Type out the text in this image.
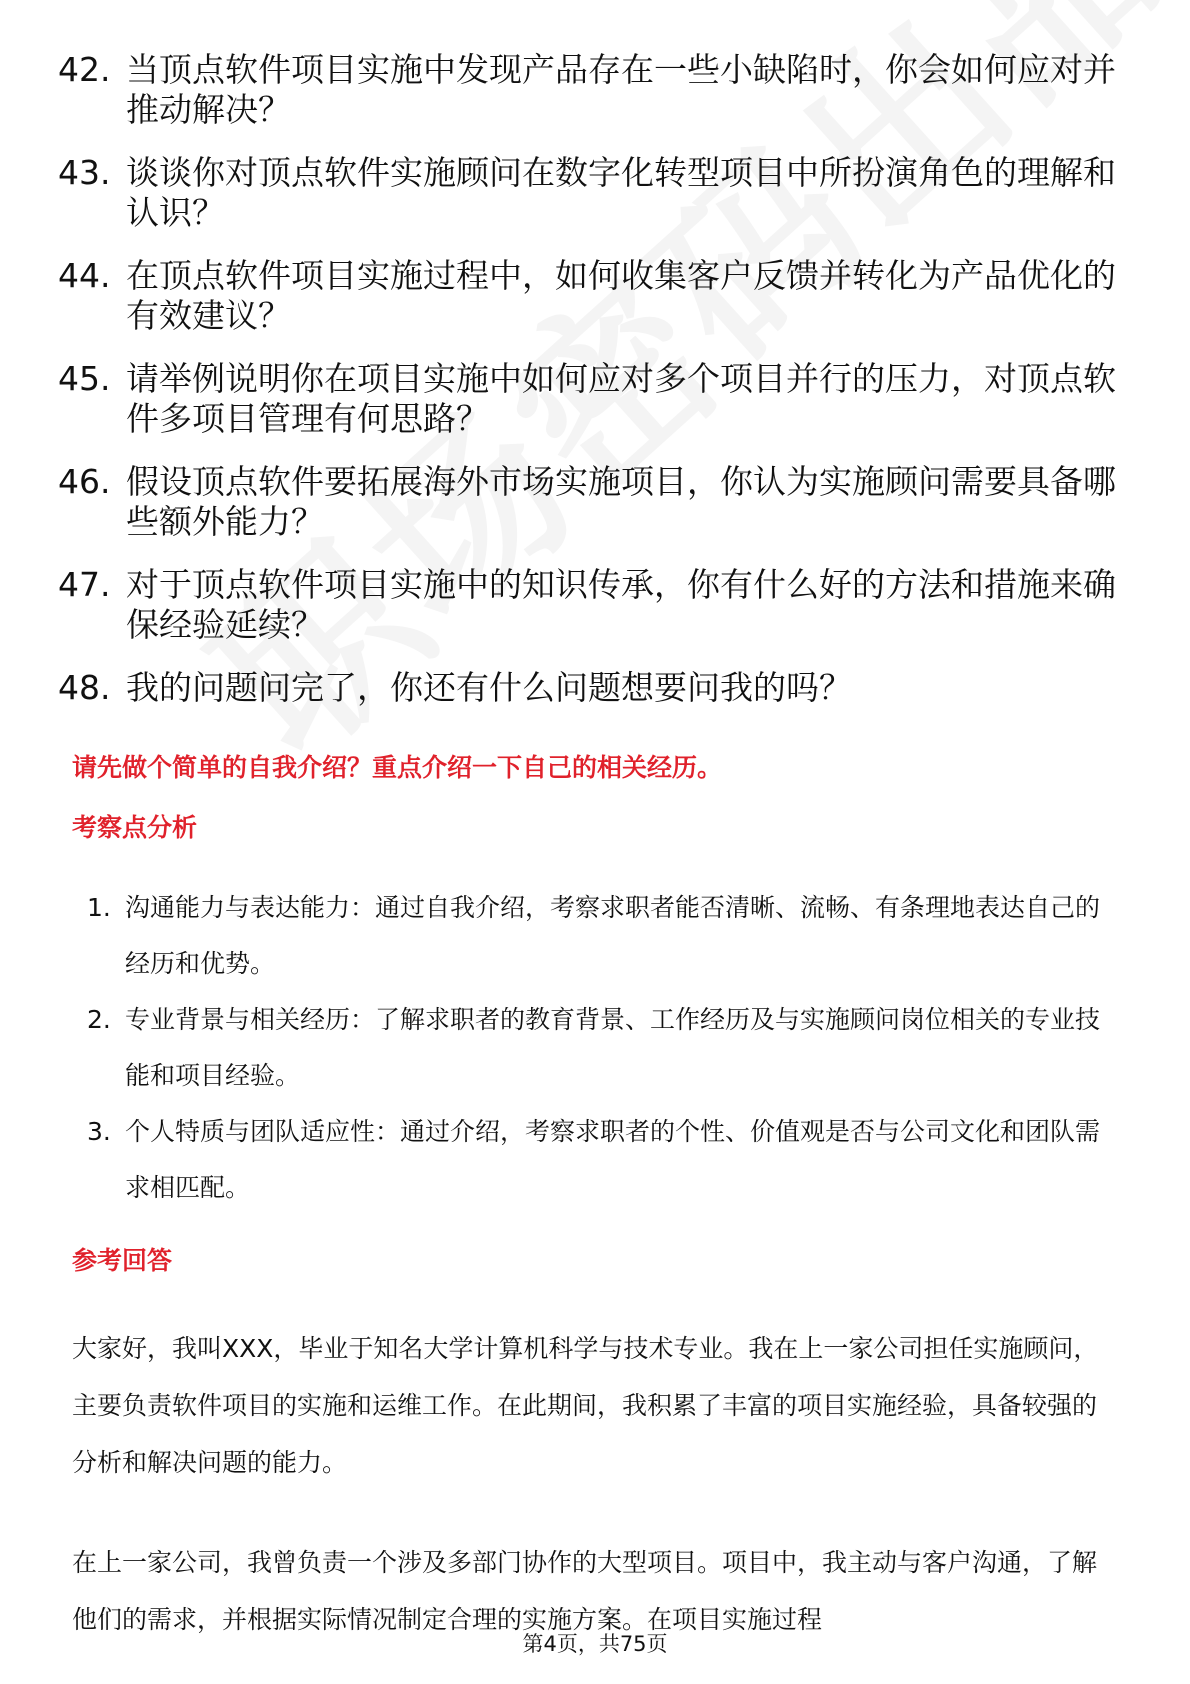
42. 当顶点软件项目实施中发现产品存在一些小缺陷时，你会如何应对并推动解决？
43. 谈谈你对顶点软件实施顾问在数字化转型项目中所扮演角色的理解和认识？
44. 在顶点软件项目实施过程中，如何收集客户反馈并转化为产品优化的有效建议？
45. 请举例说明你在项目实施中如何应对多个项目并行的压力，对顶点软件多项目管理有何思路？
46. 假设顶点软件要拓展海外市场实施项目，你认为实施顾问需要具备哪些额外能力？
47. 对于顶点软件项目实施中的知识传承，你有什么好的方法和措施来确保经验延续？
48. 我的问题问完了，你还有什么问题想要问我的吗？
请先做个简单的自我介绍？重点介绍一下自己的相关经历。
考察点分析
1. 沟通能力与表达能力：通过自我介绍，考察求职者能否清晰、流畅、有条理地表达自己的经历和优势。
2. 专业背景与相关经历：了解求职者的教育背景、工作经历及与实施顾问岗位相关的专业技能和项目经验。
3. 个人特质与团队适应性：通过介绍，考察求职者的个性、价值观是否与公司文化和团队需求相匹配。
参考回答

大家好，我叫XXX，毕业于知名大学计算机科学与技术专业。我在上一家公司担任实施顾问，主要负责软件项目的实施和运维工作。在此期间，我积累了丰富的项目实施经验，具备较强的分析和解决问题的能力。

在上一家公司，我曾负责一个涉及多部门协作的大型项目。项目中，我主动与客户沟通，了解他们的需求，并根据实际情况制定合理的实施方案。在项目实施过程

第4页，共75页
